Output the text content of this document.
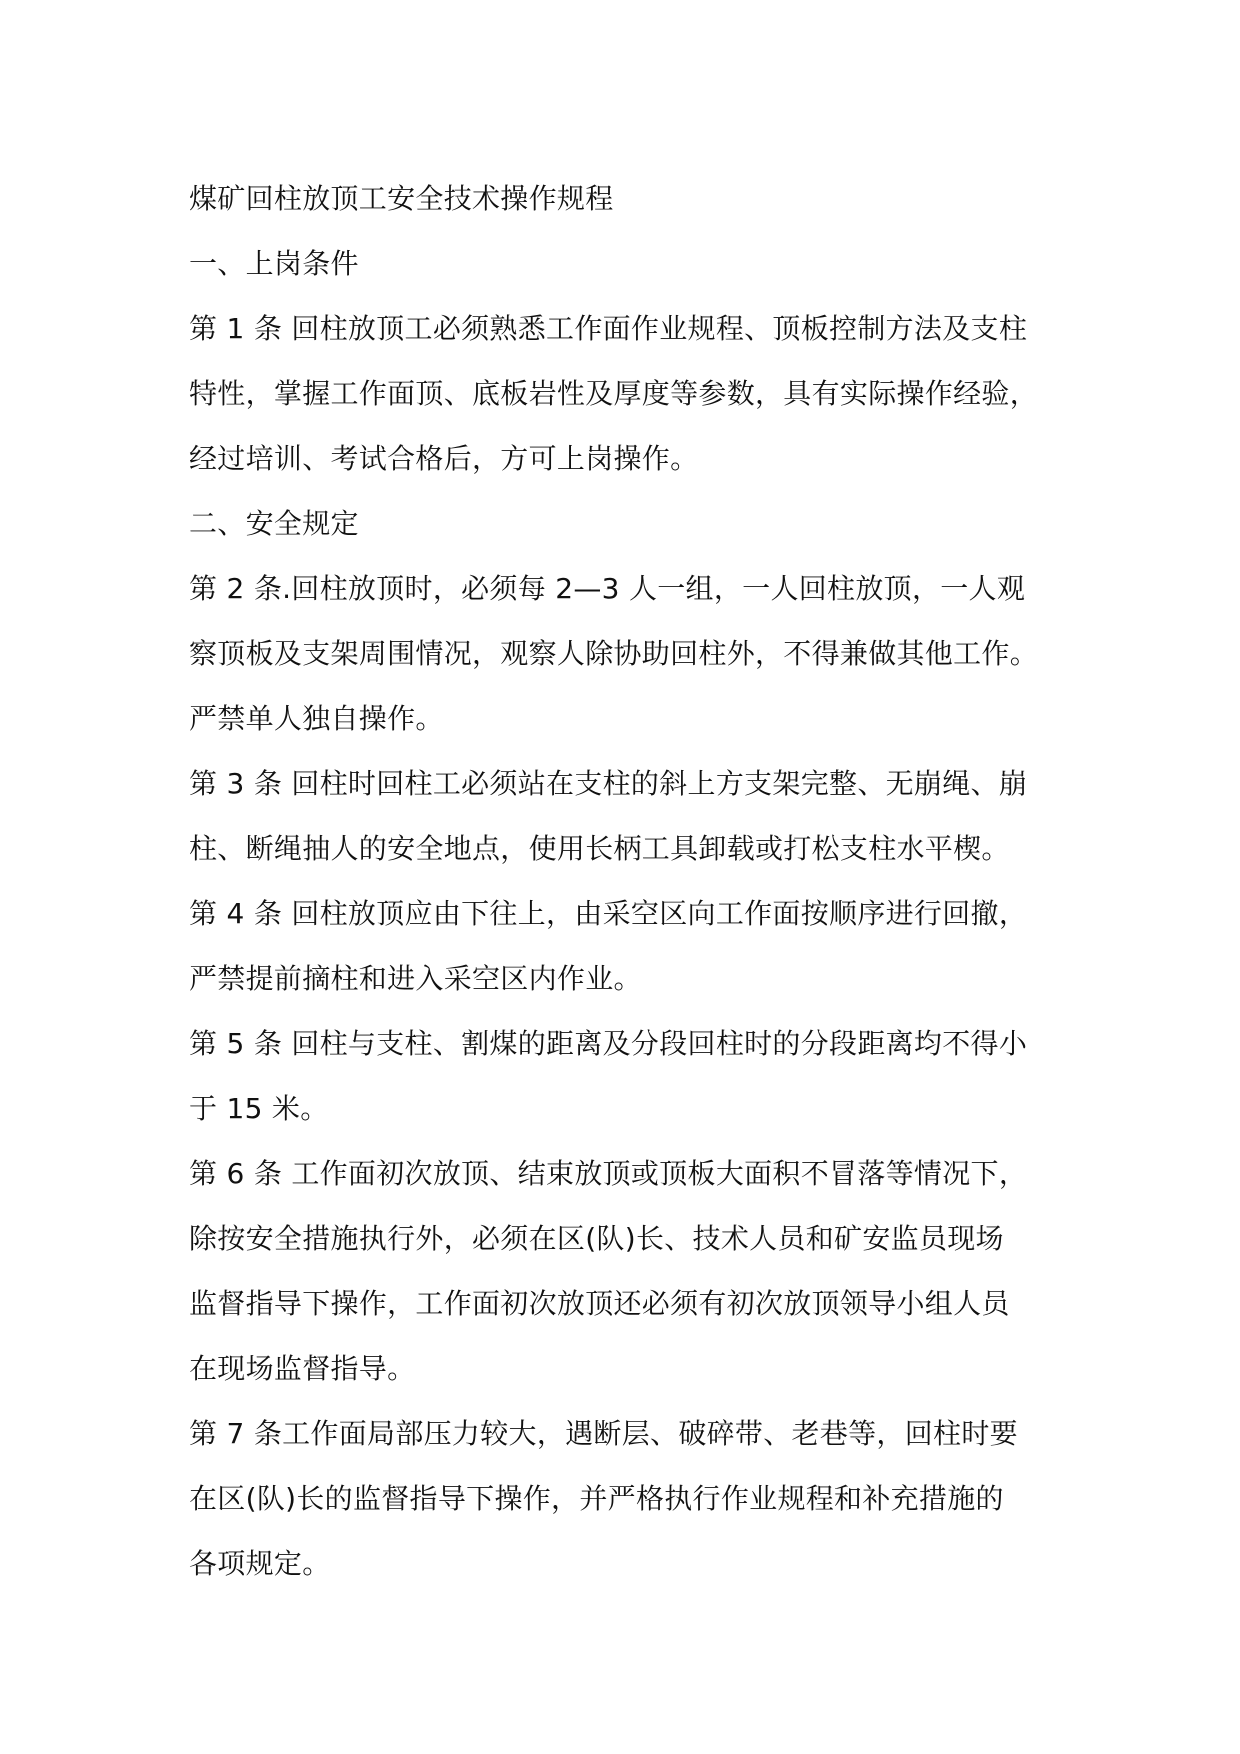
煤矿回柱放顶工安全技术操作规程
一、上岗条件
第 1 条 回柱放顶工必须熟悉工作面作业规程、顶板控制方法及支柱
特性，掌握工作面顶、底板岩性及厚度等参数，具有实际操作经验，
经过培训、考试合格后，方可上岗操作。
二、安全规定
第 2 条.回柱放顶时，必须每 2—3 人一组，一人回柱放顶，一人观
察顶板及支架周围情况，观察人除协助回柱外，不得兼做其他工作。
严禁单人独自操作。
第 3 条 回柱时回柱工必须站在支柱的斜上方支架完整、无崩绳、崩
柱、断绳抽人的安全地点，使用长柄工具卸载或打松支柱水平楔。
第 4 条 回柱放顶应由下往上，由采空区向工作面按顺序进行回撤，
严禁提前摘柱和进入采空区内作业。
第 5 条 回柱与支柱、割煤的距离及分段回柱时的分段距离均不得小
于 15 米。
第 6 条 工作面初次放顶、结束放顶或顶板大面积不冒落等情况下，
除按安全措施执行外，必须在区(队)长、技术人员和矿安监员现场
监督指导下操作，工作面初次放顶还必须有初次放顶领导小组人员
在现场监督指导。
第 7 条工作面局部压力较大，遇断层、破碎带、老巷等，回柱时要
在区(队)长的监督指导下操作，并严格执行作业规程和补充措施的
各项规定。
